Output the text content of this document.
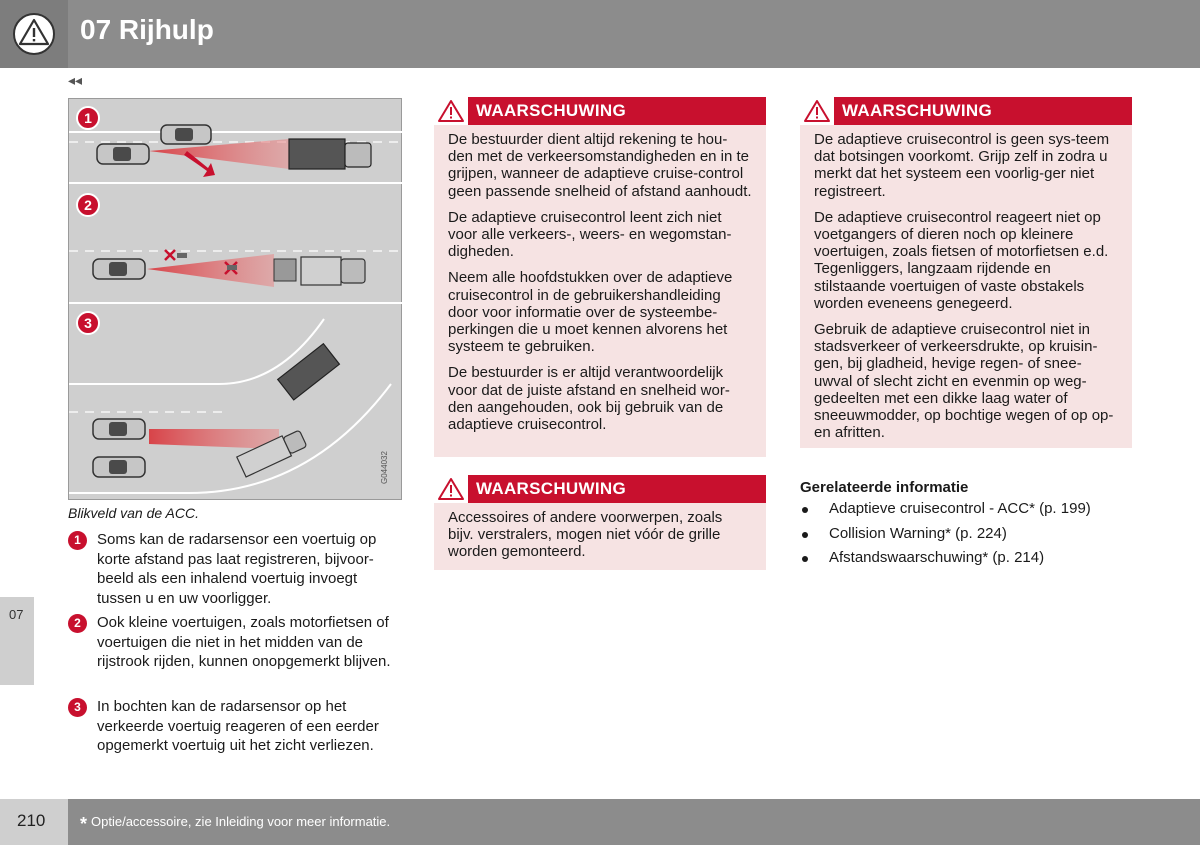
07 Rijhulp
◂◂
1
2
3
G044032
Blikveld van de ACC.
1	Soms kan de radarsensor een voertuig op korte afstand pas laat registreren, bijvoor-beeld als een inhalend voertuig invoegt tussen u en uw voorligger.
2	Ook kleine voertuigen, zoals motorfietsen of voertuigen die niet in het midden van de rijstrook rijden, kunnen onopgemerkt blijven.
3	In bochten kan de radarsensor op het verkeerde voertuig reageren of een eerder opgemerkt voertuig uit het zicht verliezen.
WAARSCHUWING

De bestuurder dient altijd rekening te hou-den met de verkeersomstandigheden en in te grijpen, wanneer de adaptieve cruise-control geen passende snelheid of afstand aanhoudt.

De adaptieve cruisecontrol leent zich niet voor alle verkeers-, weers- en wegomstan-digheden.

Neem alle hoofdstukken over de adaptieve cruisecontrol in de gebruikershandleiding door voor informatie over de systeembe-perkingen die u moet kennen alvorens het systeem te gebruiken.

De bestuurder is er altijd verantwoordelijk voor dat de juiste afstand en snelheid wor-den aangehouden, ook bij gebruik van de adaptieve cruisecontrol.

WAARSCHUWING

Accessoires of andere voorwerpen, zoals bijv. verstralers, mogen niet vóór de grille worden gemonteerd.

WAARSCHUWING

De adaptieve cruisecontrol is geen sys-teem dat botsingen voorkomt. Grijp zelf in zodra u merkt dat het systeem een voorlig-ger niet registreert.

De adaptieve cruisecontrol reageert niet op voetgangers of dieren noch op kleinere voertuigen, zoals fietsen of motorfietsen e.d. Tegenliggers, langzaam rijdende en stilstaande voertuigen of vaste obstakels worden eveneens genegeerd.

Gebruik de adaptieve cruisecontrol niet in stadsverkeer of verkeersdrukte, op kruisin-gen, bij gladheid, hevige regen- of snee-uwval of slecht zicht en evenmin op weg-gedeelten met een dikke laag water of sneeuwmodder, op bochtige wegen of op op- en afritten.

Gerelateerde informatie
Adaptieve cruisecontrol - ACC* (p. 199)
Collision Warning* (p. 224)
Afstandswaarschuwing* (p. 214)
07
210 * Optie/accessoire, zie Inleiding voor meer informatie.
